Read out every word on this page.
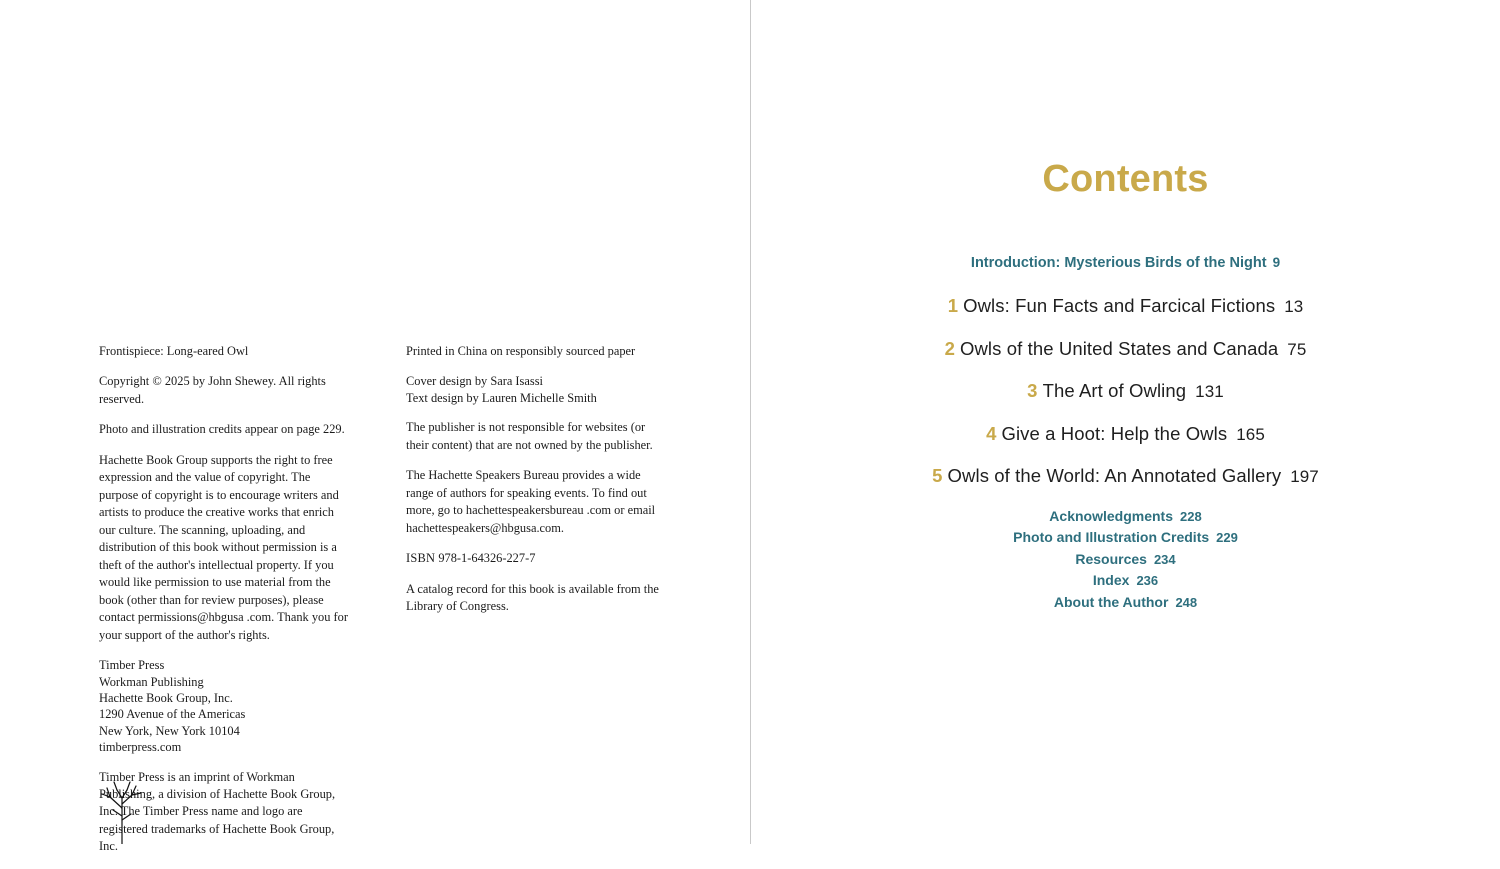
Frontispiece: Long-eared Owl

Copyright © 2025 by John Shewey. All rights reserved.

Photo and illustration credits appear on page 229.

Hachette Book Group supports the right to free expression and the value of copyright. The purpose of copyright is to encourage writers and artists to produce the creative works that enrich our culture. The scanning, uploading, and distribution of this book without permission is a theft of the author's intellectual property. If you would like permission to use material from the book (other than for review purposes), please contact permissions@hbgusa .com. Thank you for your support of the author's rights.

Timber Press

Workman Publishing

Hachette Book Group, Inc.

1290 Avenue of the Americas

New York, New York 10104

timberpress.com

Timber Press is an imprint of Workman Publishing, a division of Hachette Book Group, Inc. The Timber Press name and logo are registered trademarks of Hachette Book Group, Inc.

Printed in China on responsibly sourced paper

Cover design by Sara Isassi

Text design by Lauren Michelle Smith

The publisher is not responsible for websites (or their content) that are not owned by the publisher.

The Hachette Speakers Bureau provides a wide range of authors for speaking events. To find out more, go to hachettespeakersbureau .com or email hachettespeakers@hbgusa.com.

ISBN 978-1-64326-227-7

A catalog record for this book is available from the Library of Congress.

Contents
Introduction: Mysterious Birds of the Night 9
1 Owls: Fun Facts and Farcical Fictions 13
2 Owls of the United States and Canada 75
3 The Art of Owling 131
4 Give a Hoot: Help the Owls 165
5 Owls of the World: An Annotated Gallery 197
Acknowledgments 228
Photo and Illustration Credits 229
Resources 234
Index 236
About the Author 248
